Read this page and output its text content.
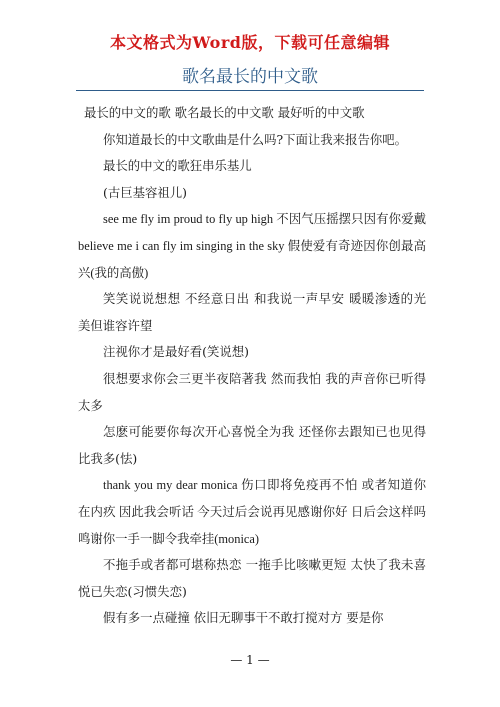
本文格式为Word版，下载可任意编辑
歌名最长的中文歌

最长的中文的歌 歌名最长的中文歌 最好听的中文歌

你知道最长的中文歌曲是什么吗?下面让我来报告你吧。

最长的中文的歌狂串乐基儿

(古巨基容祖儿)

see me fly im proud to fly up high 不因气压摇摆只因有你爱戴 believe me i can fly im singing in the sky 假使爱有奇迹因你创最高兴(我的高傲)

笑笑说说想想 不经意日出 和我说一声早安 暖暖渗透的光 美但谁容许望

注视你才是最好看(笑说想)

很想要求你会三更半夜陪著我 然而我怕 我的声音你已听得太多

怎麽可能要你每次开心喜悦全为我 还怪你去跟知已也见得比我多(怯)

thank you my dear monica 伤口即将免疫再不怕 或者知道你在内疚 因此我会听话 今天过后会说再见感谢你好 日后会这样吗 鸣谢你一手一脚令我牵挂(monica)

不拖手或者都可堪称热恋 一拖手比咳嗽更短 太快了我未喜悦已失恋(习惯失恋)

假有多一点碰撞 依旧无聊事干不敢打搅对方 要是你

— 1 —
